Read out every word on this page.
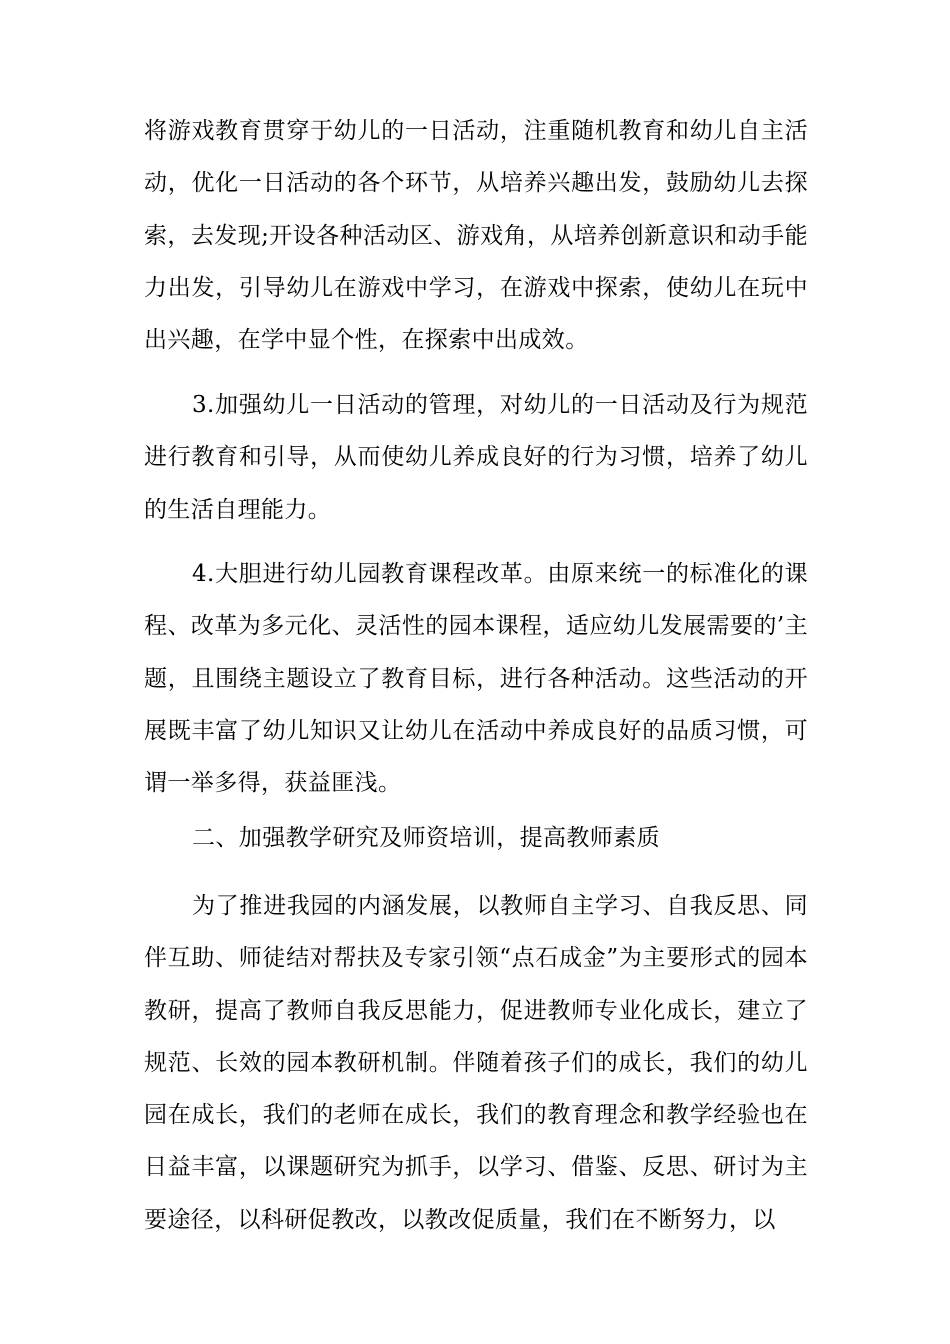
将游戏教育贯穿于幼儿的一日活动，注重随机教育和幼儿自主活动，优化一日活动的各个环节，从培养兴趣出发，鼓励幼儿去探索，去发现;开设各种活动区、游戏角，从培养创新意识和动手能力出发，引导幼儿在游戏中学习，在游戏中探索，使幼儿在玩中出兴趣，在学中显个性，在探索中出成效。

3.加强幼儿一日活动的管理，对幼儿的一日活动及行为规范进行教育和引导，从而使幼儿养成良好的行为习惯，培养了幼儿的生活自理能力。

4.大胆进行幼儿园教育课程改革。由原来统一的标准化的课程、改革为多元化、灵活性的园本课程，适应幼儿发展需要的’主题，且围绕主题设立了教育目标，进行各种活动。这些活动的开展既丰富了幼儿知识又让幼儿在活动中养成良好的品质习惯，可谓一举多得，获益匪浅。

二、加强教学研究及师资培训，提高教师素质

为了推进我园的内涵发展，以教师自主学习、自我反思、同伴互助、师徒结对帮扶及专家引领“点石成金”为主要形式的园本教研，提高了教师自我反思能力，促进教师专业化成长，建立了规范、长效的园本教研机制。伴随着孩子们的成长，我们的幼儿园在成长，我们的老师在成长，我们的教育理念和教学经验也在日益丰富，以课题研究为抓手，以学习、借鉴、反思、研讨为主要途径，以科研促教改，以教改促质量，我们在不断努力，以
